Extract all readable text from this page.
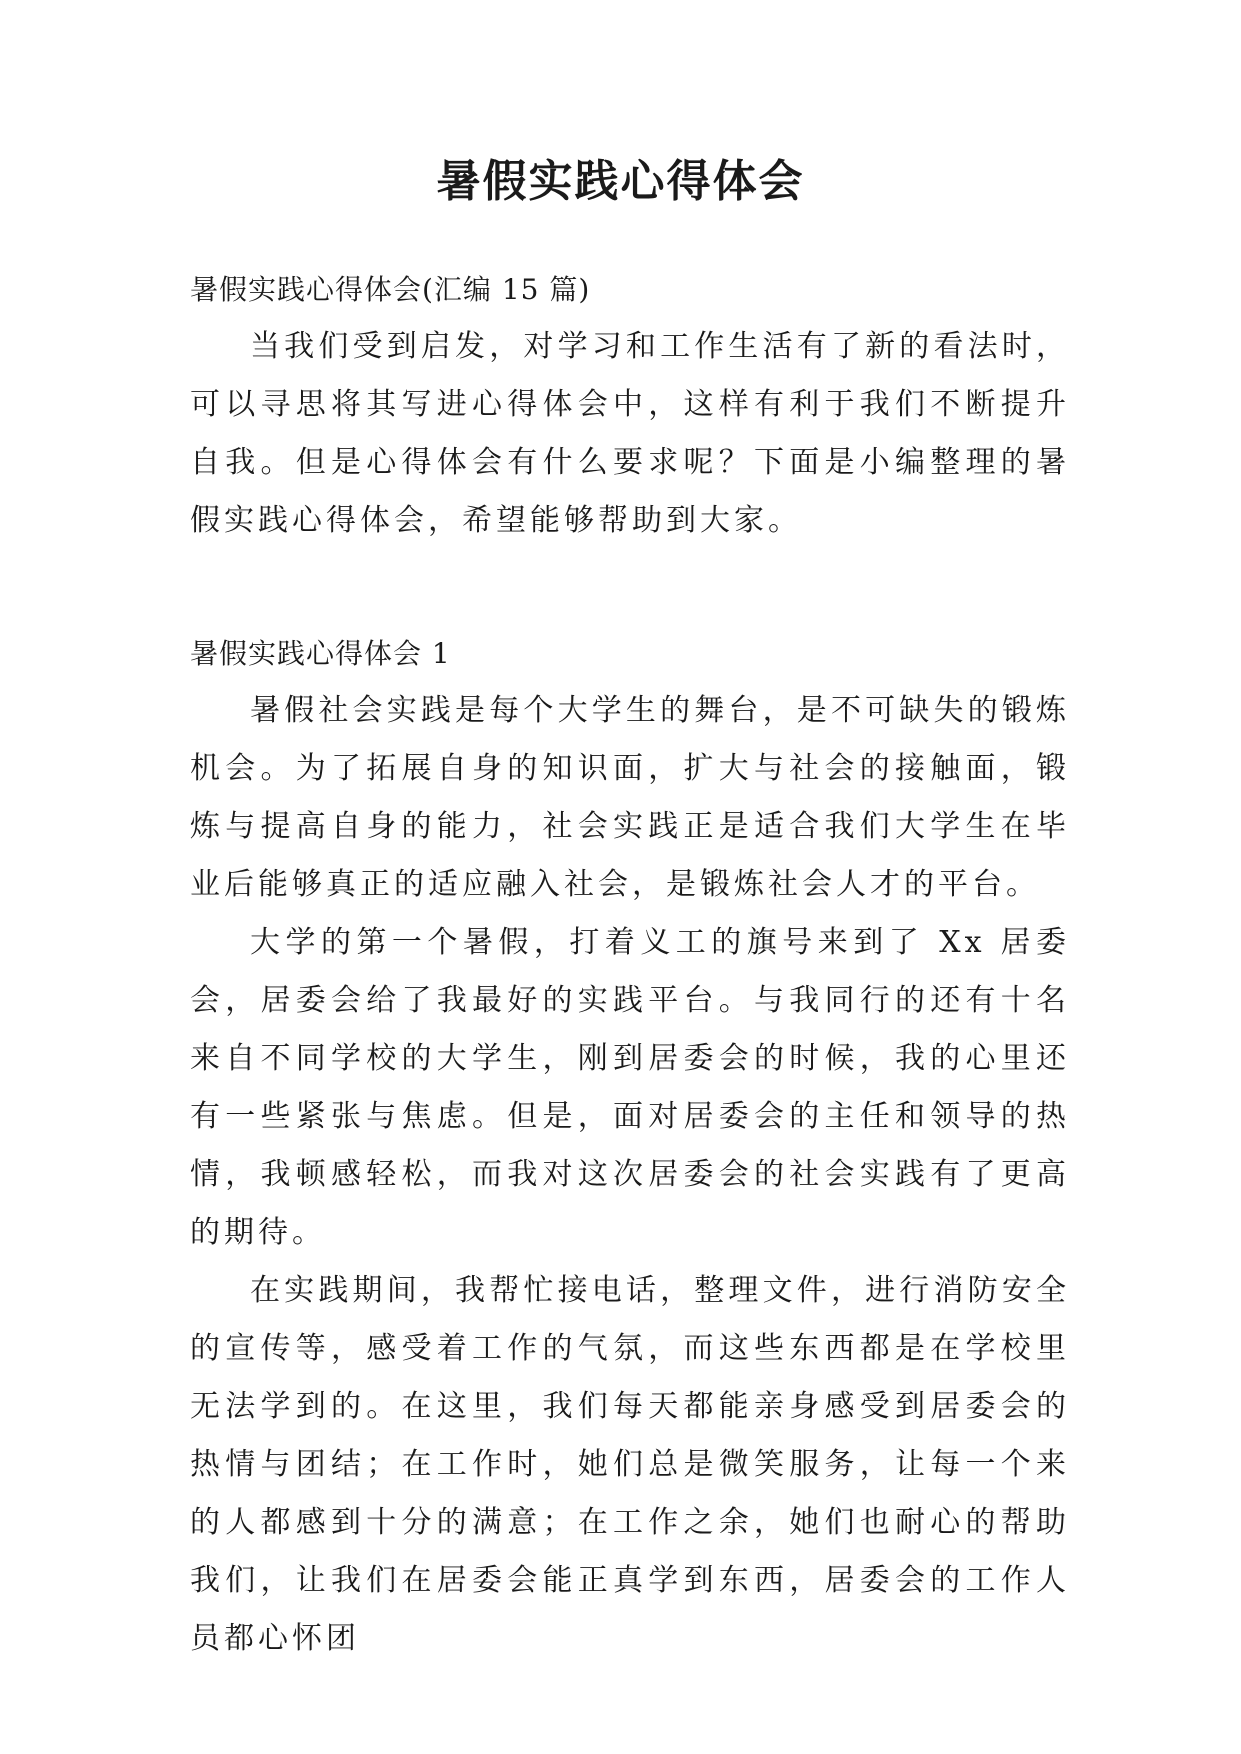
暑假实践心得体会

暑假实践心得体会(汇编 15 篇)

当我们受到启发，对学习和工作生活有了新的看法时，可以寻思将其写进心得体会中，这样有利于我们不断提升自我。但是心得体会有什么要求呢？下面是小编整理的暑假实践心得体会，希望能够帮助到大家。

暑假实践心得体会 1

暑假社会实践是每个大学生的舞台，是不可缺失的锻炼机会。为了拓展自身的知识面，扩大与社会的接触面，锻炼与提高自身的能力，社会实践正是适合我们大学生在毕业后能够真正的适应融入社会，是锻炼社会人才的平台。

大学的第一个暑假，打着义工的旗号来到了 Xx 居委会，居委会给了我最好的实践平台。与我同行的还有十名来自不同学校的大学生，刚到居委会的时候，我的心里还有一些紧张与焦虑。但是，面对居委会的主任和领导的热情，我顿感轻松，而我对这次居委会的社会实践有了更高的期待。

在实践期间，我帮忙接电话，整理文件，进行消防安全的宣传等，感受着工作的气氛，而这些东西都是在学校里无法学到的。在这里，我们每天都能亲身感受到居委会的热情与团结；在工作时，她们总是微笑服务，让每一个来的人都感到十分的满意；在工作之余，她们也耐心的帮助我们，让我们在居委会能正真学到东西，居委会的工作人员都心怀团
